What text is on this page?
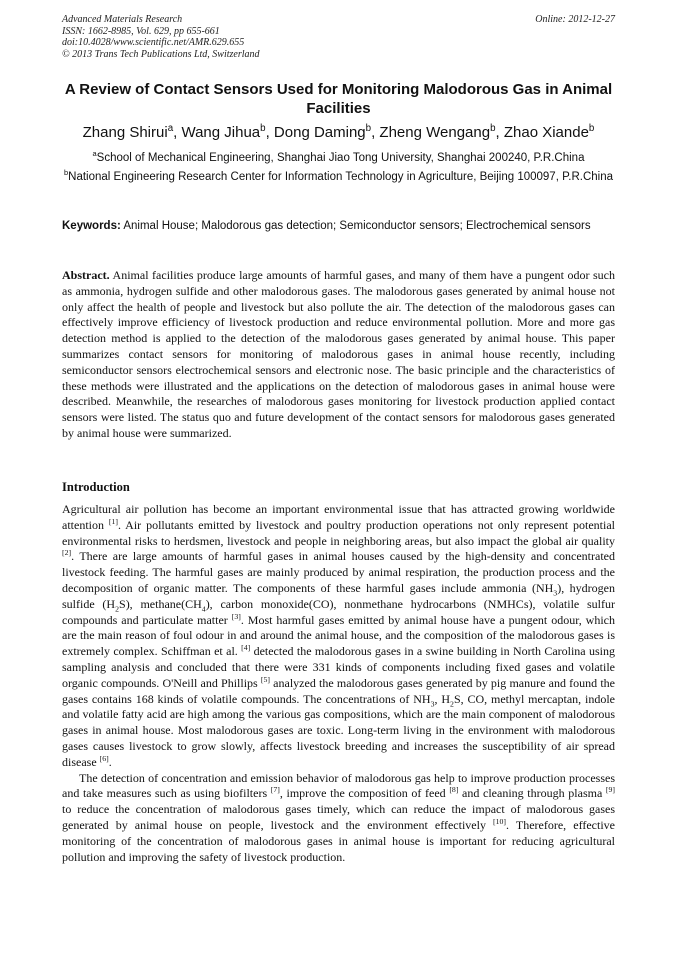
Advanced Materials Research
ISSN: 1662-8985, Vol. 629, pp 655-661
doi:10.4028/www.scientific.net/AMR.629.655
© 2013 Trans Tech Publications Ltd, Switzerland
Online: 2012-12-27
A Review of Contact Sensors Used for Monitoring Malodorous Gas in Animal Facilities
Zhang Shirui$^a$, Wang Jihua$^b$, Dong Daming$^b$, Zheng Wengang$^b$, Zhao Xiande$^b$
$^a$School of Mechanical Engineering, Shanghai Jiao Tong University, Shanghai 200240, P.R.China
$^b$National Engineering Research Center for Information Technology in Agriculture, Beijing 100097, P.R.China
Keywords: Animal House; Malodorous gas detection; Semiconductor sensors; Electrochemical sensors
Abstract. Animal facilities produce large amounts of harmful gases, and many of them have a pungent odor such as ammonia, hydrogen sulfide and other malodorous gases. The malodorous gases generated by animal house not only affect the health of people and livestock but also pollute the air. The detection of the malodorous gases can effectively improve efficiency of livestock production and reduce environmental pollution. More and more gas detection method is applied to the detection of the malodorous gases generated by animal house. This paper summarizes contact sensors for monitoring of malodorous gases in animal house recently, including semiconductor sensors electrochemical sensors and electronic nose. The basic principle and the characteristics of these methods were illustrated and the applications on the detection of malodorous gases in animal house were described. Meanwhile, the researches of malodorous gases monitoring for livestock production applied contact sensors were listed. The status quo and future development of the contact sensors for malodorous gases generated by animal house were summarized.
Introduction

Agricultural air pollution has become an important environmental issue that has attracted growing worldwide attention [1]. Air pollutants emitted by livestock and poultry production operations not only represent potential environmental risks to herdsmen, livestock and people in neighboring areas, but also impact the global air quality [2]. There are large amounts of harmful gases in animal houses caused by the high-density and concentrated livestock feeding. The harmful gases are mainly produced by animal respiration, the production process and the decomposition of organic matter. The components of these harmful gases include ammonia $(NH_3)$, hydrogen sulfide $(H_2S)$, $methane(CH_4)$, carbon monoxide(CO), nonmethane hydrocarbons (NMHCs), volatile sulfur compounds and particulate matter [3]. Most harmful gases emitted by animal house have a pungent odour, which are the main reason of foul odour in and around the animal house, and the composition of the malodorous gases is extremely complex. Schiffman et al. [4] detected the malodorous gases in a swine building in North Carolina using sampling analysis and concluded that there were 331 kinds of components including fixed gases and volatile organic compounds. O'Neill and Phillips [5] analyzed the malodorous gases generated by pig manure and found the gases contains 168 kinds of volatile compounds. The concentrations of $NH_3$, $H_2S$, CO, methyl mercaptan, indole and volatile fatty acid are high among the various gas compositions, which are the main component of malodorous gases in animal house. Most malodorous gases are toxic. Long-term living in the environment with malodorous gases causes livestock to grow slowly, affects livestock breeding and increases the susceptibility of air spread disease [6].

The detection of concentration and emission behavior of malodorous gas help to improve production processes and take measures such as using biofilters [7], improve the composition of feed [8] and cleaning through plasma [9] to reduce the concentration of malodorous gases timely, which can reduce the impact of malodorous gases generated by animal house on people, livestock and the environment effectively [10]. Therefore, effective monitoring of the concentration of malodorous gases in animal house is important for reducing agricultural pollution and improving the safety of livestock production.
